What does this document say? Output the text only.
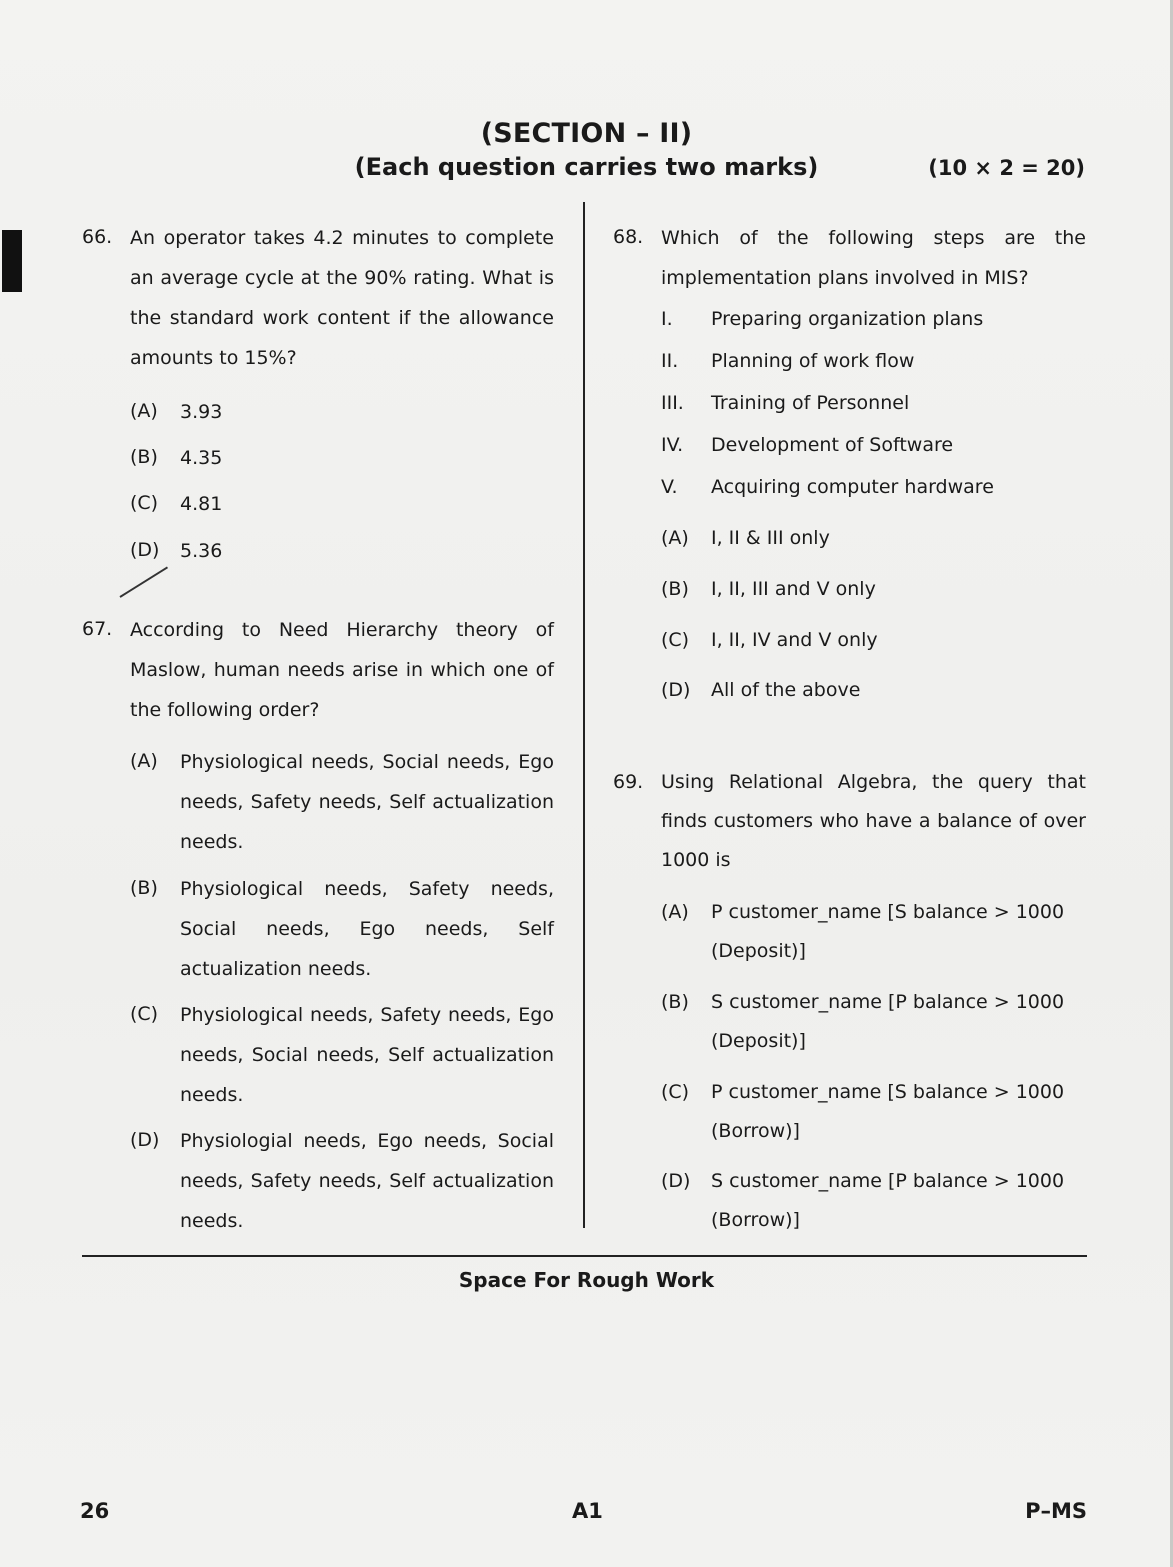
(SECTION – II)
(Each question carries two marks)	(10 × 2 = 20)
66. An operator takes 4.2 minutes to complete an average cycle at the 90% rating. What is the standard work content if the allowance amounts to 15%?
(A) 3.93
(B) 4.35
(C) 4.81
(D) 5.36
67. According to Need Hierarchy theory of Maslow, human needs arise in which one of the following order?
(A) Physiological needs, Social needs, Ego needs, Safety needs, Self actualization needs.
(B) Physiological needs, Safety needs, Social needs, Ego needs, Self actualization needs.
(C) Physiological needs, Safety needs, Ego needs, Social needs, Self actualization needs.
(D) Physiologial needs, Ego needs, Social needs, Safety needs, Self actualization needs.
68. Which of the following steps are the implementation plans involved in MIS?
I. Preparing organization plans
II. Planning of work flow
III. Training of Personnel
IV. Development of Software
V. Acquiring computer hardware
(A) I, II & III only
(B) I, II, III and V only
(C) I, II, IV and V only
(D) All of the above
69. Using Relational Algebra, the query that finds customers who have a balance of over 1000 is
(A) P customer_name [S balance > 1000 (Deposit)]
(B) S customer_name [P balance > 1000 (Deposit)]
(C) P customer_name [S balance > 1000 (Borrow)]
(D) S customer_name [P balance > 1000 (Borrow)]
Space For Rough Work
26	A1	P–MS
